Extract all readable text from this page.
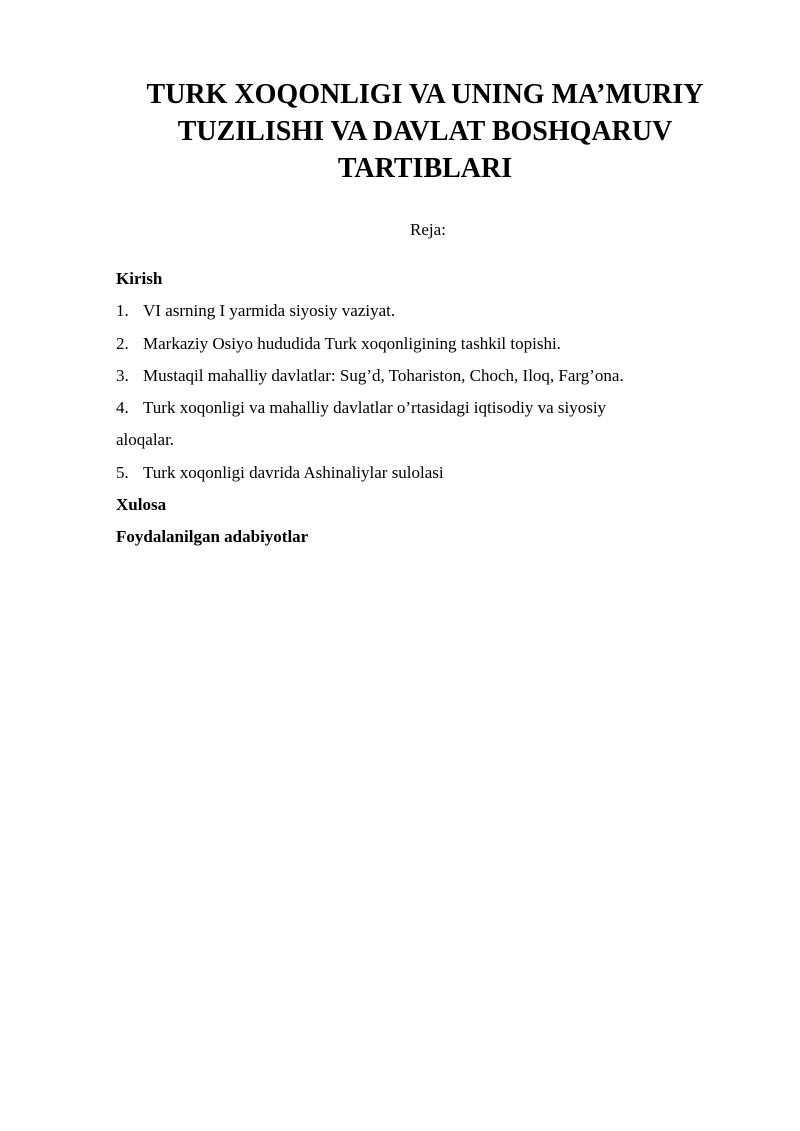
TURK XOQONLIGI VA UNING MA’MURIY TUZILISHI VA DAVLAT BOSHQARUV TARTIBLARI
Reja:
Kirish
1. VI asrning I yarmida siyosiy vaziyat.
2. Markaziy Osiyo hududida Turk xoqonligining tashkil topishi.
3. Mustaqil mahalliy davlatlar: Sug’d, Tohariston, Choch, Iloq, Farg’ona.
4. Turk xoqonligi va mahalliy davlatlar o’rtasidagi iqtisodiy va siyosiy
aloqalar.
5. Turk xoqonligi davrida Ashinaliylar sulolasi
Xulosa
Foydalanilgan adabiyotlar
